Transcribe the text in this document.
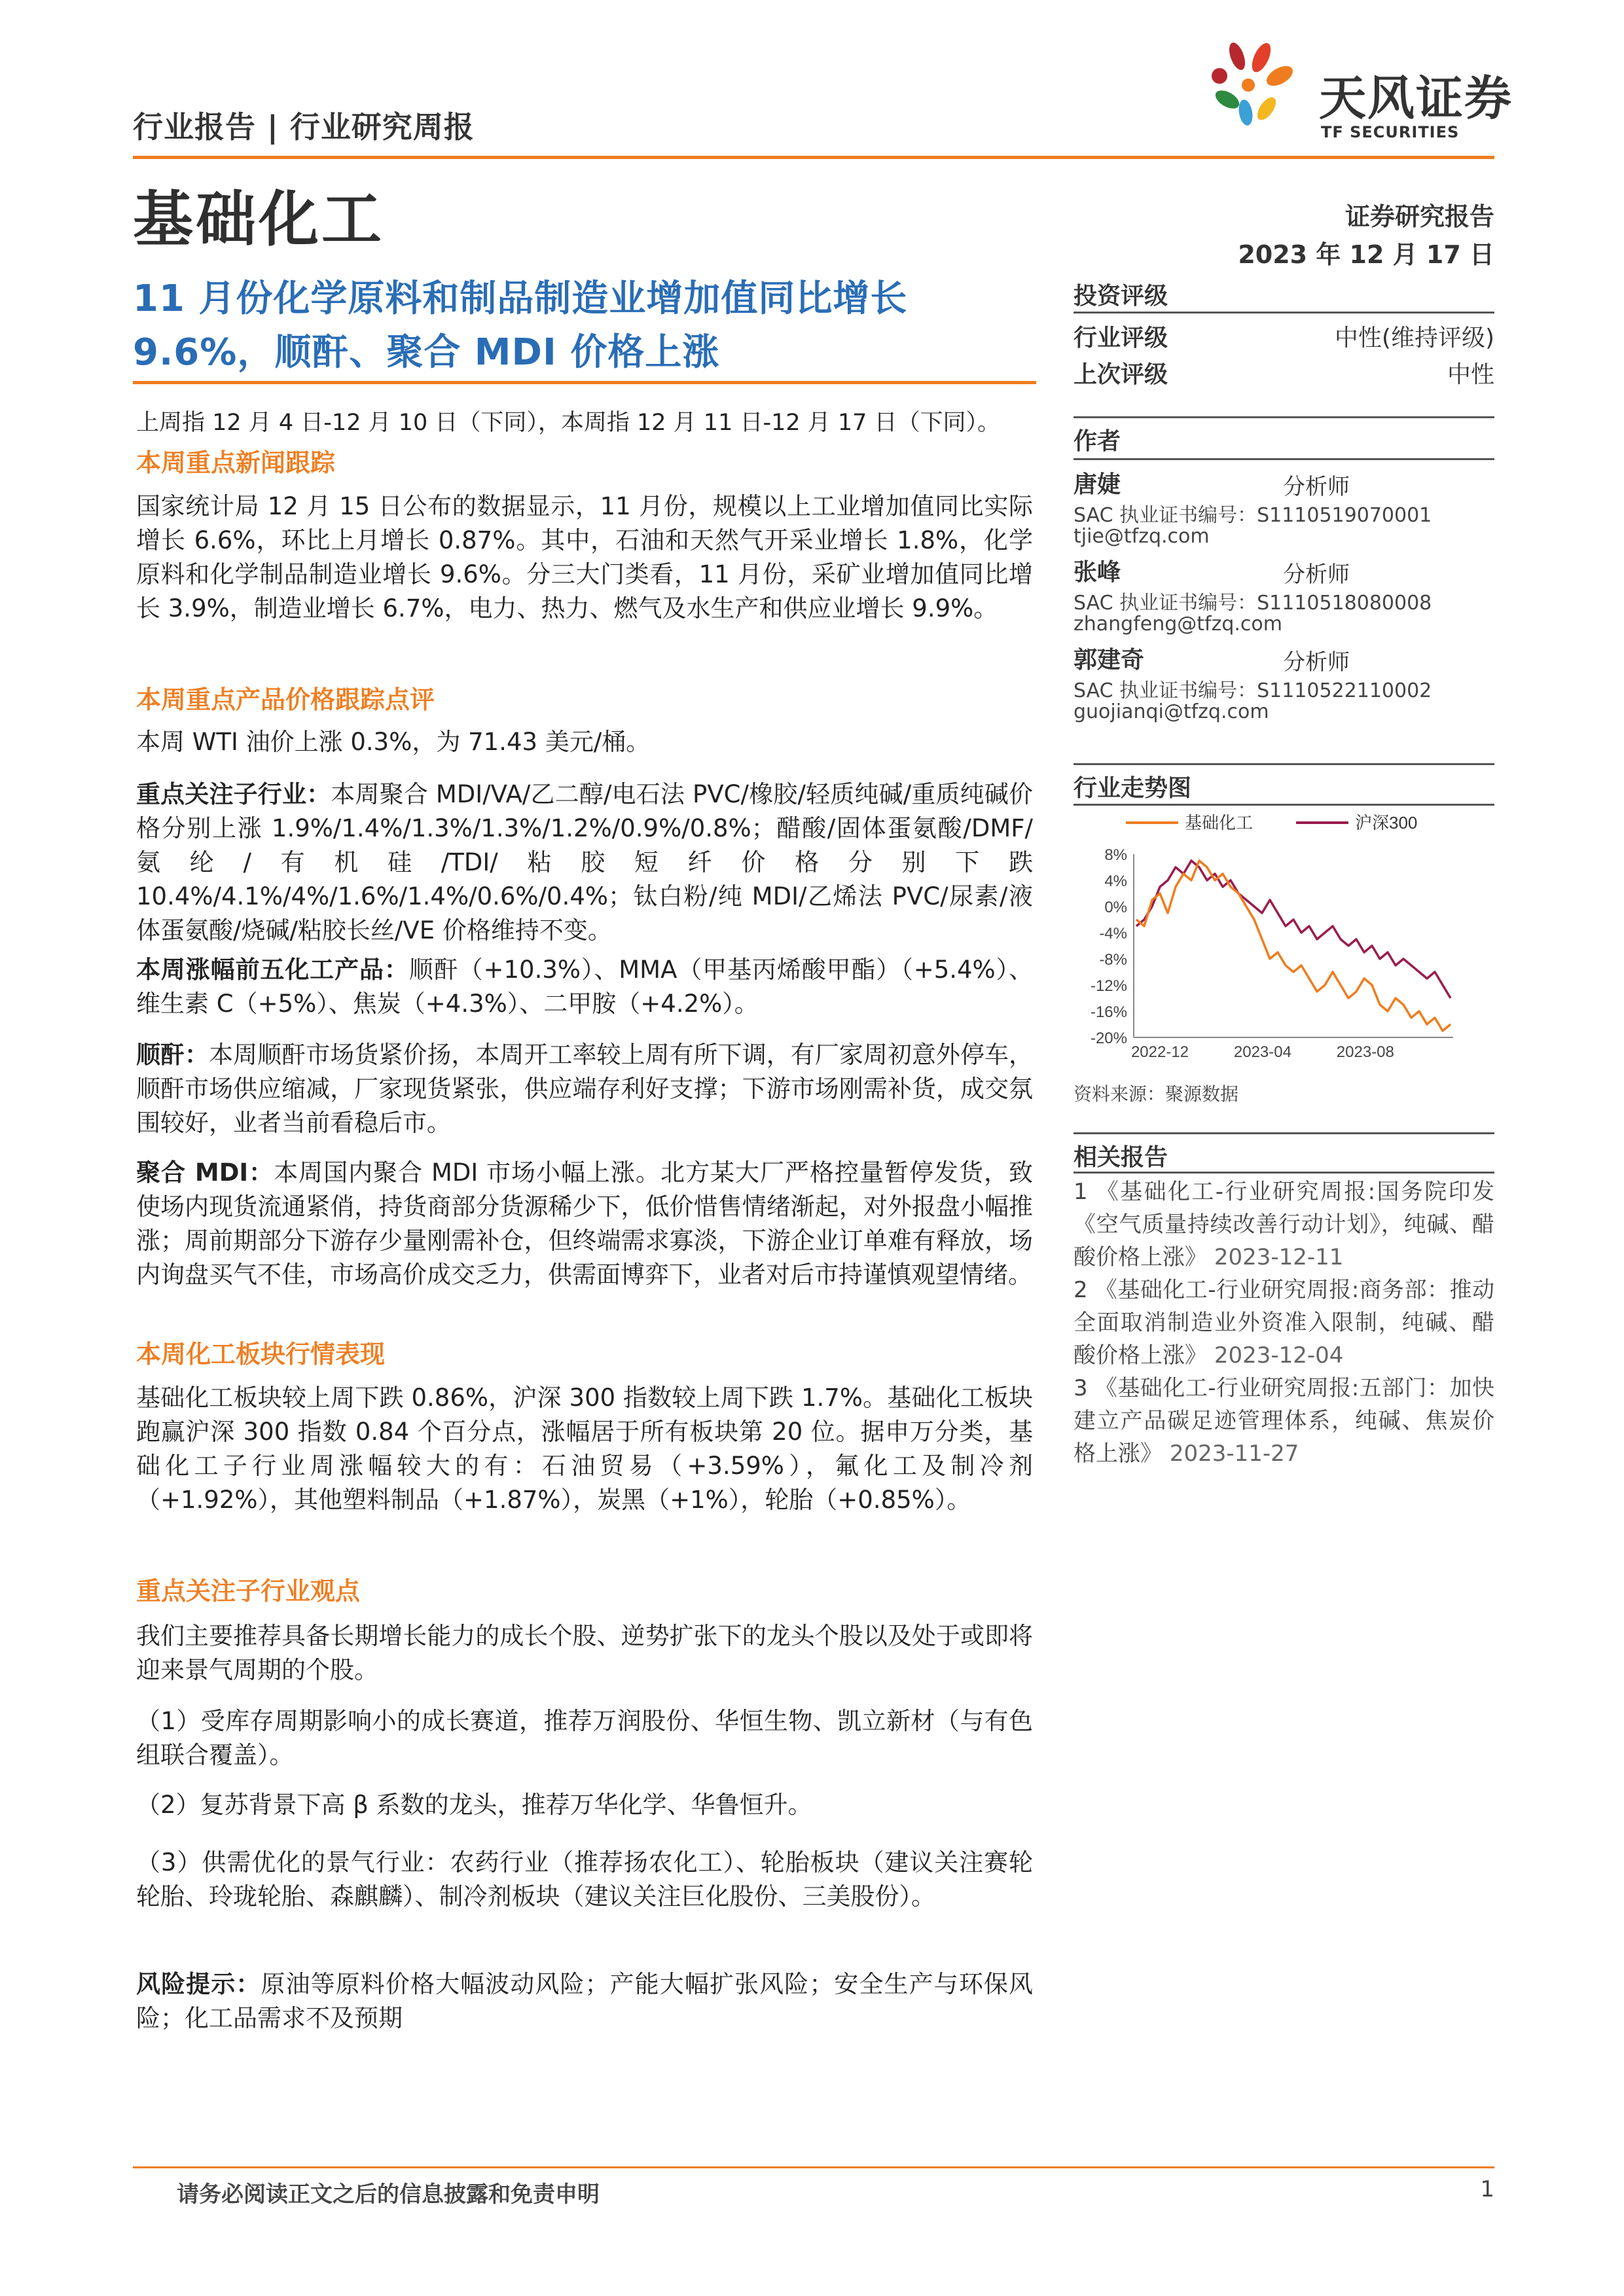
行业报告 | 行业研究周报
天风证券
TF SECURITIES
基础化工	证券研究报告
2023 年 12 月 17 日
11 月份化学原料和制品制造业增加值同比增长
9.6%，顺酐、聚合 MDI 价格上涨
上周指 12 月 4 日-12 月 10 日（下同），本周指 12 月 11 日-12 月 17 日（下同）。
本周重点新闻跟踪
国家统计局 12 月 15 日公布的数据显示，11 月份，规模以上工业增加值同比实际增长 6.6%，环比上月增长 0.87%。其中，石油和天然气开采业增长 1.8%，化学原料和化学制品制造业增长 9.6%。分三大门类看，11 月份，采矿业增加值同比增长 3.9%，制造业增长 6.7%，电力、热力、燃气及水生产和供应业增长 9.9%。
本周重点产品价格跟踪点评
本周 WTI 油价上涨 0.3%，为 71.43 美元/桶。
重点关注子行业：本周聚合 MDI/VA/乙二醇/电石法 PVC/橡胶/轻质纯碱/重质纯碱价格分别上涨 1.9%/1.4%/1.3%/1.3%/1.2%/0.9%/0.8%；醋酸/固体蛋氨酸/DMF/氨纶/有机硅/TDI/粘胶短纤价格分别下跌 10.4%/4.1%/4%/1.6%/1.4%/0.6%/0.4%；钛白粉/纯 MDI/乙烯法 PVC/尿素/液体蛋氨酸/烧碱/粘胶长丝/VE 价格维持不变。
本周涨幅前五化工产品：顺酐（+10.3%）、MMA（甲基丙烯酸甲酯）（+5.4%）、维生素 C（+5%）、焦炭（+4.3%）、二甲胺（+4.2%）。
顺酐：本周顺酐市场货紧价扬，本周开工率较上周有所下调，有厂家周初意外停车，顺酐市场供应缩减，厂家现货紧张，供应端存利好支撑；下游市场刚需补货，成交氛围较好，业者当前看稳后市。
聚合 MDI：本周国内聚合 MDI 市场小幅上涨。北方某大厂严格控量暂停发货，致使场内现货流通紧俏，持货商部分货源稀少下，低价惜售情绪渐起，对外报盘小幅推涨；周前期部分下游存少量刚需补仓，但终端需求寡淡，下游企业订单难有释放，场内询盘买气不佳，市场高价成交乏力，供需面博弈下，业者对后市持谨慎观望情绪。
本周化工板块行情表现
基础化工板块较上周下跌 0.86%，沪深 300 指数较上周下跌 1.7%。基础化工板块跑赢沪深 300 指数 0.84 个百分点，涨幅居于所有板块第 20 位。据申万分类，基础化工子行业周涨幅较大的有：石油贸易（+3.59%），氟化工及制冷剂（+1.92%），其他塑料制品（+1.87%），炭黑（+1%），轮胎（+0.85%）。
重点关注子行业观点
我们主要推荐具备长期增长能力的成长个股、逆势扩张下的龙头个股以及处于或即将迎来景气周期的个股。
（1）受库存周期影响小的成长赛道，推荐万润股份、华恒生物、凯立新材（与有色组联合覆盖）。
（2）复苏背景下高 β 系数的龙头，推荐万华化学、华鲁恒升。
（3）供需优化的景气行业：农药行业（推荐扬农化工）、轮胎板块（建议关注赛轮轮胎、玲珑轮胎、森麒麟）、制冷剂板块（建议关注巨化股份、三美股份）。
风险提示：原油等原料价格大幅波动风险；产能大幅扩张风险；安全生产与环保风险；化工品需求不及预期
投资评级
行业评级	中性(维持评级)
上次评级	中性
作者
唐婕	分析师
SAC 执业证书编号：S1110519070001
tjie@tfzq.com
张峰	分析师
SAC 执业证书编号：S1110518080008
zhangfeng@tfzq.com
郭建奇	分析师
SAC 执业证书编号：S1110522110002
guojianqi@tfzq.com
行业走势图
基础化工	沪深300
8%
4%
0%
-4%
-8%
-12%
-16%
-20%
2022-12	2023-04	2023-08
资料来源：聚源数据
相关报告
1 《基础化工-行业研究周报:国务院印发《空气质量持续改善行动计划》，纯碱、醋酸价格上涨》 2023-12-11
2 《基础化工-行业研究周报:商务部：推动全面取消制造业外资准入限制，纯碱、醋酸价格上涨》 2023-12-04
3 《基础化工-行业研究周报:五部门：加快建立产品碳足迹管理体系，纯碱、焦炭价格上涨》 2023-11-27
请务必阅读正文之后的信息披露和免责申明	1
